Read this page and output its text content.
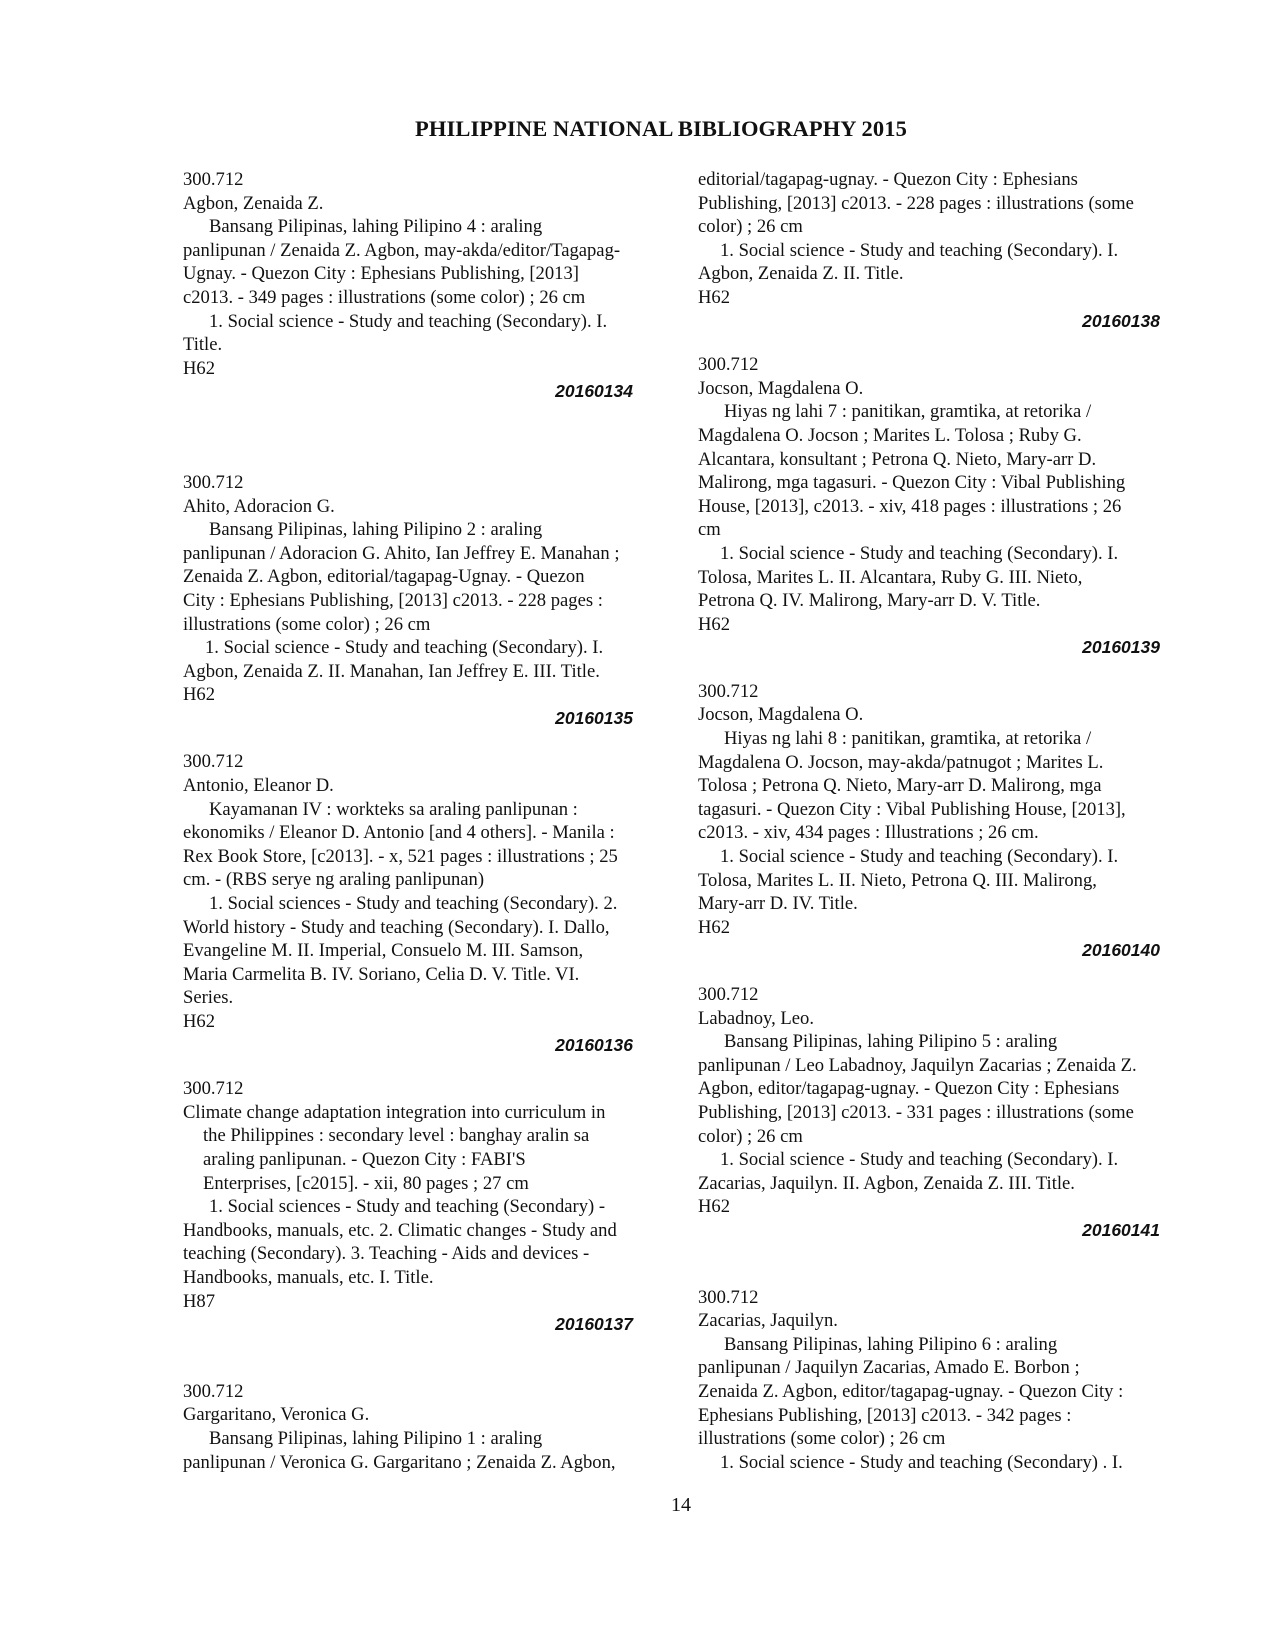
PHILIPPINE NATIONAL BIBLIOGRAPHY 2015
300.712
Agbon, Zenaida Z.
Bansang Pilipinas, lahing Pilipino 4 : araling
panlipunan / Zenaida Z. Agbon, may-akda/editor/Tagapag-
Ugnay. - Quezon City : Ephesians Publishing, [2013]
c2013. - 349 pages : illustrations (some color) ; 26 cm
1. Social science - Study and teaching (Secondary). I.
Title.
H62
20160134
300.712
Ahito, Adoracion G.
Bansang Pilipinas, lahing Pilipino 2 : araling
panlipunan / Adoracion G. Ahito, Ian Jeffrey E. Manahan ;
Zenaida Z. Agbon, editorial/tagapag-Ugnay. - Quezon
City : Ephesians Publishing, [2013] c2013. - 228 pages :
illustrations (some color) ; 26 cm
1. Social science - Study and teaching (Secondary). I.
Agbon, Zenaida Z. II. Manahan, Ian Jeffrey E. III. Title.
H62
20160135
300.712
Antonio, Eleanor D.
Kayamanan IV : workteks sa araling panlipunan :
ekonomiks / Eleanor D. Antonio [and 4 others]. - Manila :
Rex Book Store, [c2013]. - x, 521 pages : illustrations ; 25
cm. - (RBS serye ng araling panlipunan)
1. Social sciences - Study and teaching (Secondary). 2.
World history - Study and teaching (Secondary). I. Dallo,
Evangeline M. II. Imperial, Consuelo M. III. Samson,
Maria Carmelita B. IV. Soriano, Celia D. V. Title. VI.
Series.
H62
20160136
300.712
Climate change adaptation integration into curriculum in
the Philippines : secondary level : banghay aralin sa
araling panlipunan. - Quezon City : FABI'S
Enterprises, [c2015]. - xii, 80 pages ; 27 cm
1. Social sciences - Study and teaching (Secondary) -
Handbooks, manuals, etc. 2. Climatic changes - Study and
teaching (Secondary). 3. Teaching - Aids and devices -
Handbooks, manuals, etc. I. Title.
H87
20160137
300.712
Gargaritano, Veronica G.
Bansang Pilipinas, lahing Pilipino 1 : araling
panlipunan / Veronica G. Gargaritano ; Zenaida Z. Agbon,
editorial/tagapag-ugnay. - Quezon City : Ephesians
Publishing, [2013] c2013. - 228 pages : illustrations (some
color) ; 26 cm
1. Social science - Study and teaching (Secondary). I.
Agbon, Zenaida Z. II. Title.
H62
20160138
300.712
Jocson, Magdalena O.
Hiyas ng lahi 7 : panitikan, gramtika, at retorika /
Magdalena O. Jocson ; Marites L. Tolosa ; Ruby G.
Alcantara, konsultant ; Petrona Q. Nieto, Mary-arr D.
Malirong, mga tagasuri. - Quezon City : Vibal Publishing
House, [2013], c2013. - xiv, 418 pages : illustrations ; 26
cm
1. Social science - Study and teaching (Secondary). I.
Tolosa, Marites L. II. Alcantara, Ruby G. III. Nieto,
Petrona Q. IV. Malirong, Mary-arr D. V. Title.
H62
20160139
300.712
Jocson, Magdalena O.
Hiyas ng lahi 8 : panitikan, gramtika, at retorika /
Magdalena O. Jocson, may-akda/patnugot ; Marites L.
Tolosa ; Petrona Q. Nieto, Mary-arr D. Malirong, mga
tagasuri. - Quezon City : Vibal Publishing House, [2013],
c2013. - xiv, 434 pages : Illustrations ; 26 cm.
1. Social science - Study and teaching (Secondary). I.
Tolosa, Marites L. II. Nieto, Petrona Q. III. Malirong,
Mary-arr D. IV. Title.
H62
20160140
300.712
Labadnoy, Leo.
Bansang Pilipinas, lahing Pilipino 5 : araling
panlipunan / Leo Labadnoy, Jaquilyn Zacarias ; Zenaida Z.
Agbon, editor/tagapag-ugnay. - Quezon City : Ephesians
Publishing, [2013] c2013. - 331 pages : illustrations (some
color) ; 26 cm
1. Social science - Study and teaching (Secondary). I.
Zacarias, Jaquilyn. II. Agbon, Zenaida Z. III. Title.
H62
20160141
300.712
Zacarias, Jaquilyn.
Bansang Pilipinas, lahing Pilipino 6 : araling
panlipunan / Jaquilyn Zacarias, Amado E. Borbon ;
Zenaida Z. Agbon, editor/tagapag-ugnay. - Quezon City :
Ephesians Publishing, [2013] c2013. - 342 pages :
illustrations (some color) ; 26 cm
1. Social science - Study and teaching (Secondary) . I.
14
